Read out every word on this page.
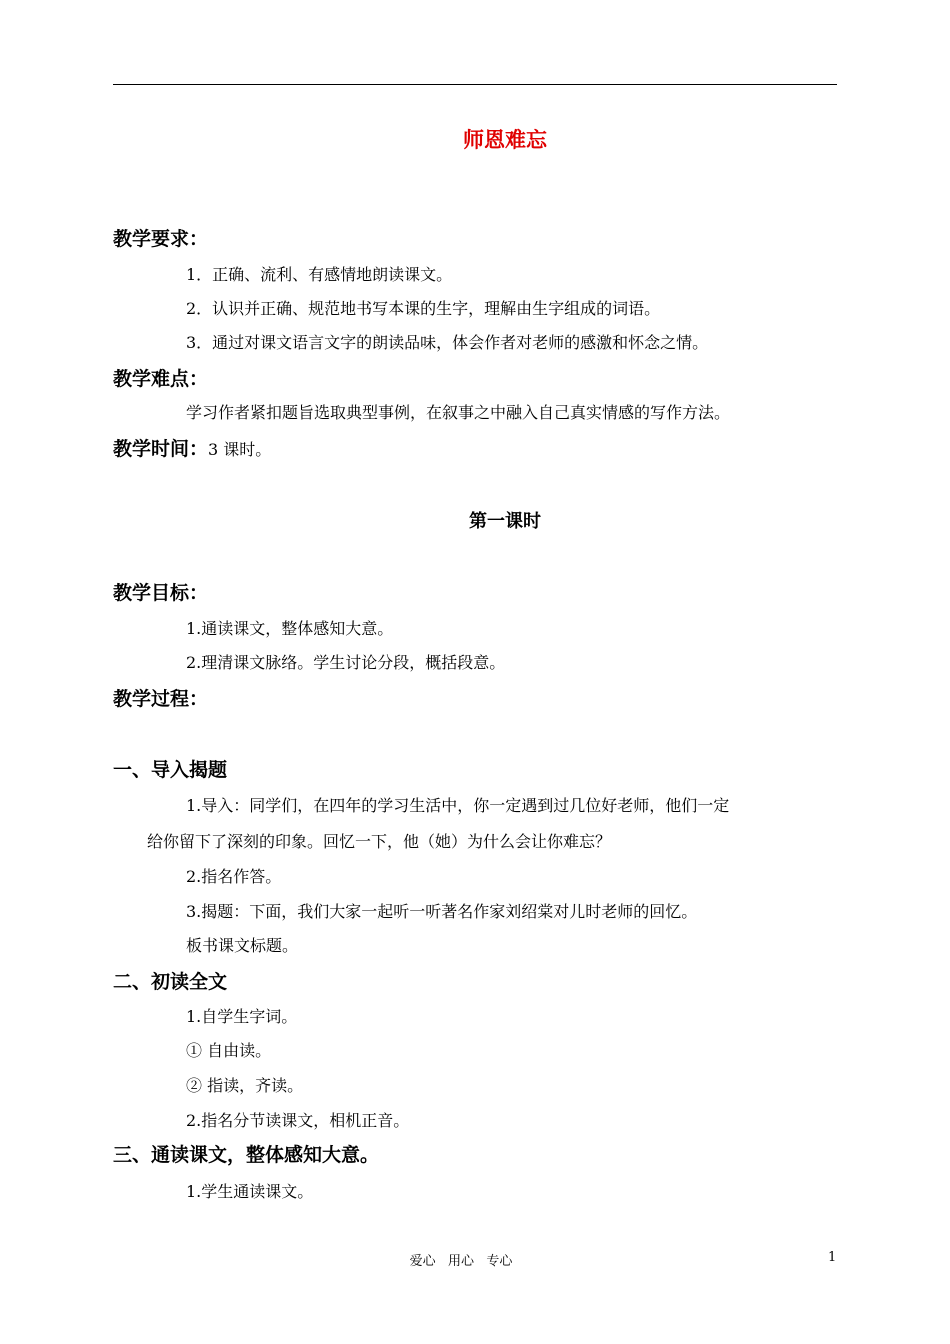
师恩难忘
教学要求：
1．正确、流利、有感情地朗读课文。
2．认识并正确、规范地书写本课的生字，理解由生字组成的词语。
3．通过对课文语言文字的朗读品味，体会作者对老师的感激和怀念之情。
教学难点：
学习作者紧扣题旨选取典型事例，在叙事之中融入自己真实情感的写作方法。
教学时间：3 课时。
第一课时
教学目标：
1.通读课文，整体感知大意。
2.理清课文脉络。学生讨论分段，概括段意。
教学过程：
一、导入揭题
1.导入：同学们，在四年的学习生活中，你一定遇到过几位好老师，他们一定
给你留下了深刻的印象。回忆一下，他（她）为什么会让你难忘？
2.指名作答。
3.揭题：下面，我们大家一起听一听著名作家刘绍棠对儿时老师的回忆。
板书课文标题。
二、初读全文
1.自学生字词。
① 自由读。
② 指读，齐读。
2.指名分节读课文，相机正音。
三、通读课文，整体感知大意。
1.学生通读课文。
爱心   用心   专心	1
